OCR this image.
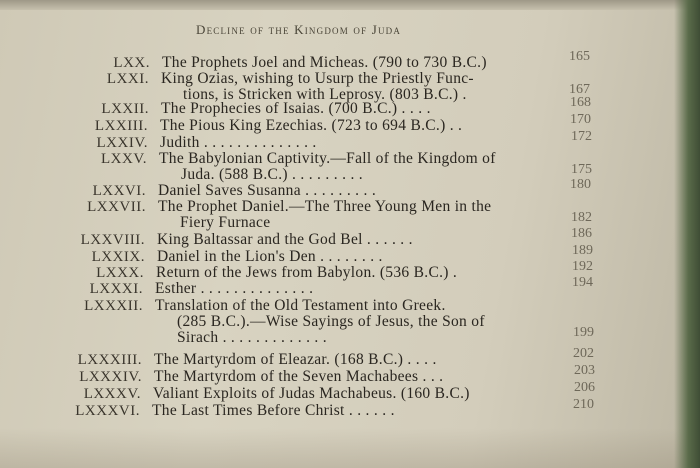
Decline of the Kingdom of Juda
LXX. The Prophets Joel and Micheas. (790 to 730 B.C.)	165
LXXI. King Ozias, wishing to Usurp the Priestly Func-
tions, is Stricken with Leprosy. (803 B.C.) .	167
LXXII. The Prophecies of Isaias. (700 B.C.) . . . .	168
LXXIII. The Pious King Ezechias. (723 to 694 B.C.) . .	170
LXXIV. Judith . . . . . . . . . . . . . .	172
LXXV. The Babylonian Captivity.—Fall of the Kingdom of
Juda. (588 B.C.) . . . . . . . . .	175
LXXVI. Daniel Saves Susanna . . . . . . . . .	180
LXXVII. The Prophet Daniel.—The Three Young Men in the
Fiery Furnace	182
LXXVIII. King Baltassar and the God Bel . . . . . .	186
LXXIX. Daniel in the Lion's Den . . . . . . . .	189
LXXX. Return of the Jews from Babylon. (536 B.C.) .	192
LXXXI. Esther . . . . . . . . . . . . . .	194
LXXXII. Translation of the Old Testament into Greek.
(285 B.C.).—Wise Sayings of Jesus, the Son of
Sirach . . . . . . . . . . . . .	199
LXXXIII. The Martyrdom of Eleazar. (168 B.C.) . . . .	202
LXXXIV. The Martyrdom of the Seven Machabees . . .	203
LXXXV. Valiant Exploits of Judas Machabeus. (160 B.C.)	206
LXXXVI. The Last Times Before Christ . . . . . .	210
